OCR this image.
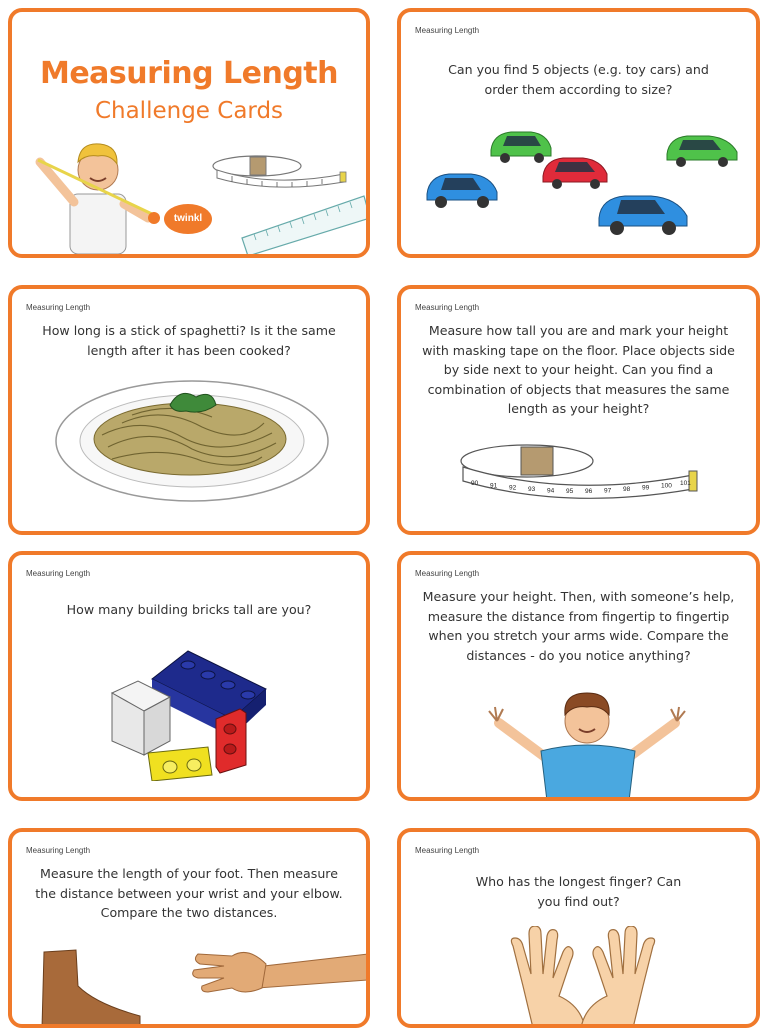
Measuring Length
Challenge Cards
twinkl
Measuring Length
Can you find 5 objects (e.g. toy cars) and order them according to size?
Measuring Length
How long is a stick of spaghetti? Is it the same length after it has been cooked?
Measuring Length
Measure how tall you are and mark your height with masking tape on the floor. Place objects side by side next to your height. Can you find a combination of objects that measures the same length as your height?
90 91 92 93 94 95 96 97 98 99 100 101
Measuring Length
How many building bricks tall are you?
Measuring Length
Measure your height. Then, with someone’s help, measure the distance from fingertip to fingertip when you stretch your arms wide. Compare the distances - do you notice anything?
Measuring Length
Measure the length of your foot. Then measure the distance between your wrist and your elbow. Compare the two distances.
Measuring Length
Who has the longest finger? Can you find out?
